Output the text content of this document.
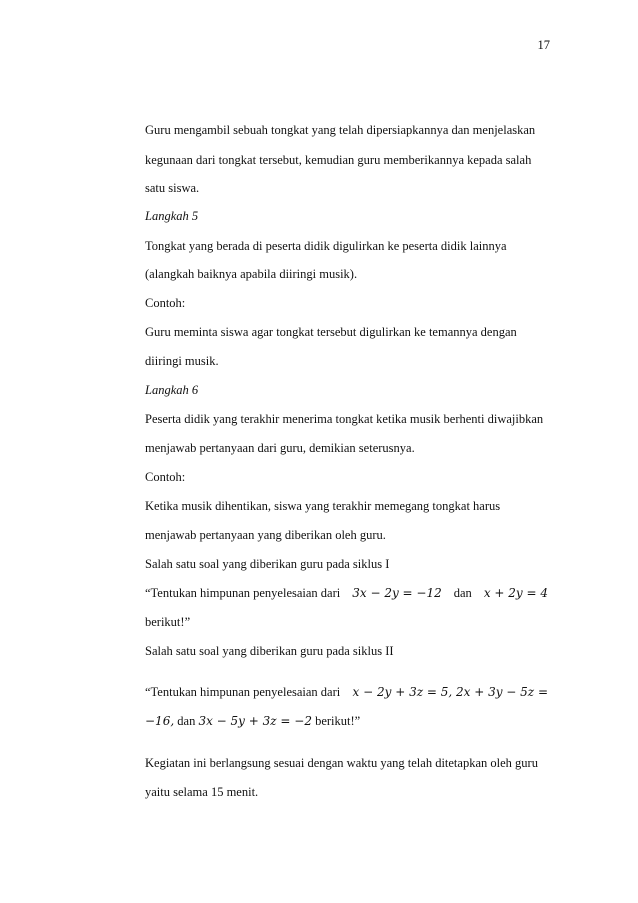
17
Guru mengambil sebuah tongkat yang telah dipersiapkannya dan menjelaskan
kegunaan dari tongkat tersebut, kemudian guru memberikannya kepada salah
satu siswa.
Langkah 5
Tongkat yang berada di peserta didik digulirkan ke peserta didik lainnya
(alangkah baiknya apabila diiringi musik).
Contoh:
Guru meminta siswa agar tongkat tersebut digulirkan ke temannya dengan
diiringi musik.
Langkah 6
Peserta didik yang terakhir menerima tongkat ketika musik berhenti diwajibkan
menjawab pertanyaan dari guru, demikian seterusnya.
Contoh:
Ketika musik dihentikan, siswa yang terakhir memegang tongkat harus
menjawab pertanyaan yang diberikan oleh guru.
Salah satu soal yang diberikan guru pada siklus I
“Tentukan himpunan penyelesaian dari 3x − 2y = −12 dan x + 2y = 4
berikut!”
Salah satu soal yang diberikan guru pada siklus II
“Tentukan himpunan penyelesaian dari x − 2y + 3z = 5, 2x + 3y − 5z =
−16, dan 3x − 5y + 3z = −2 berikut!”
Kegiatan ini berlangsung sesuai dengan waktu yang telah ditetapkan oleh guru
yaitu selama 15 menit.
